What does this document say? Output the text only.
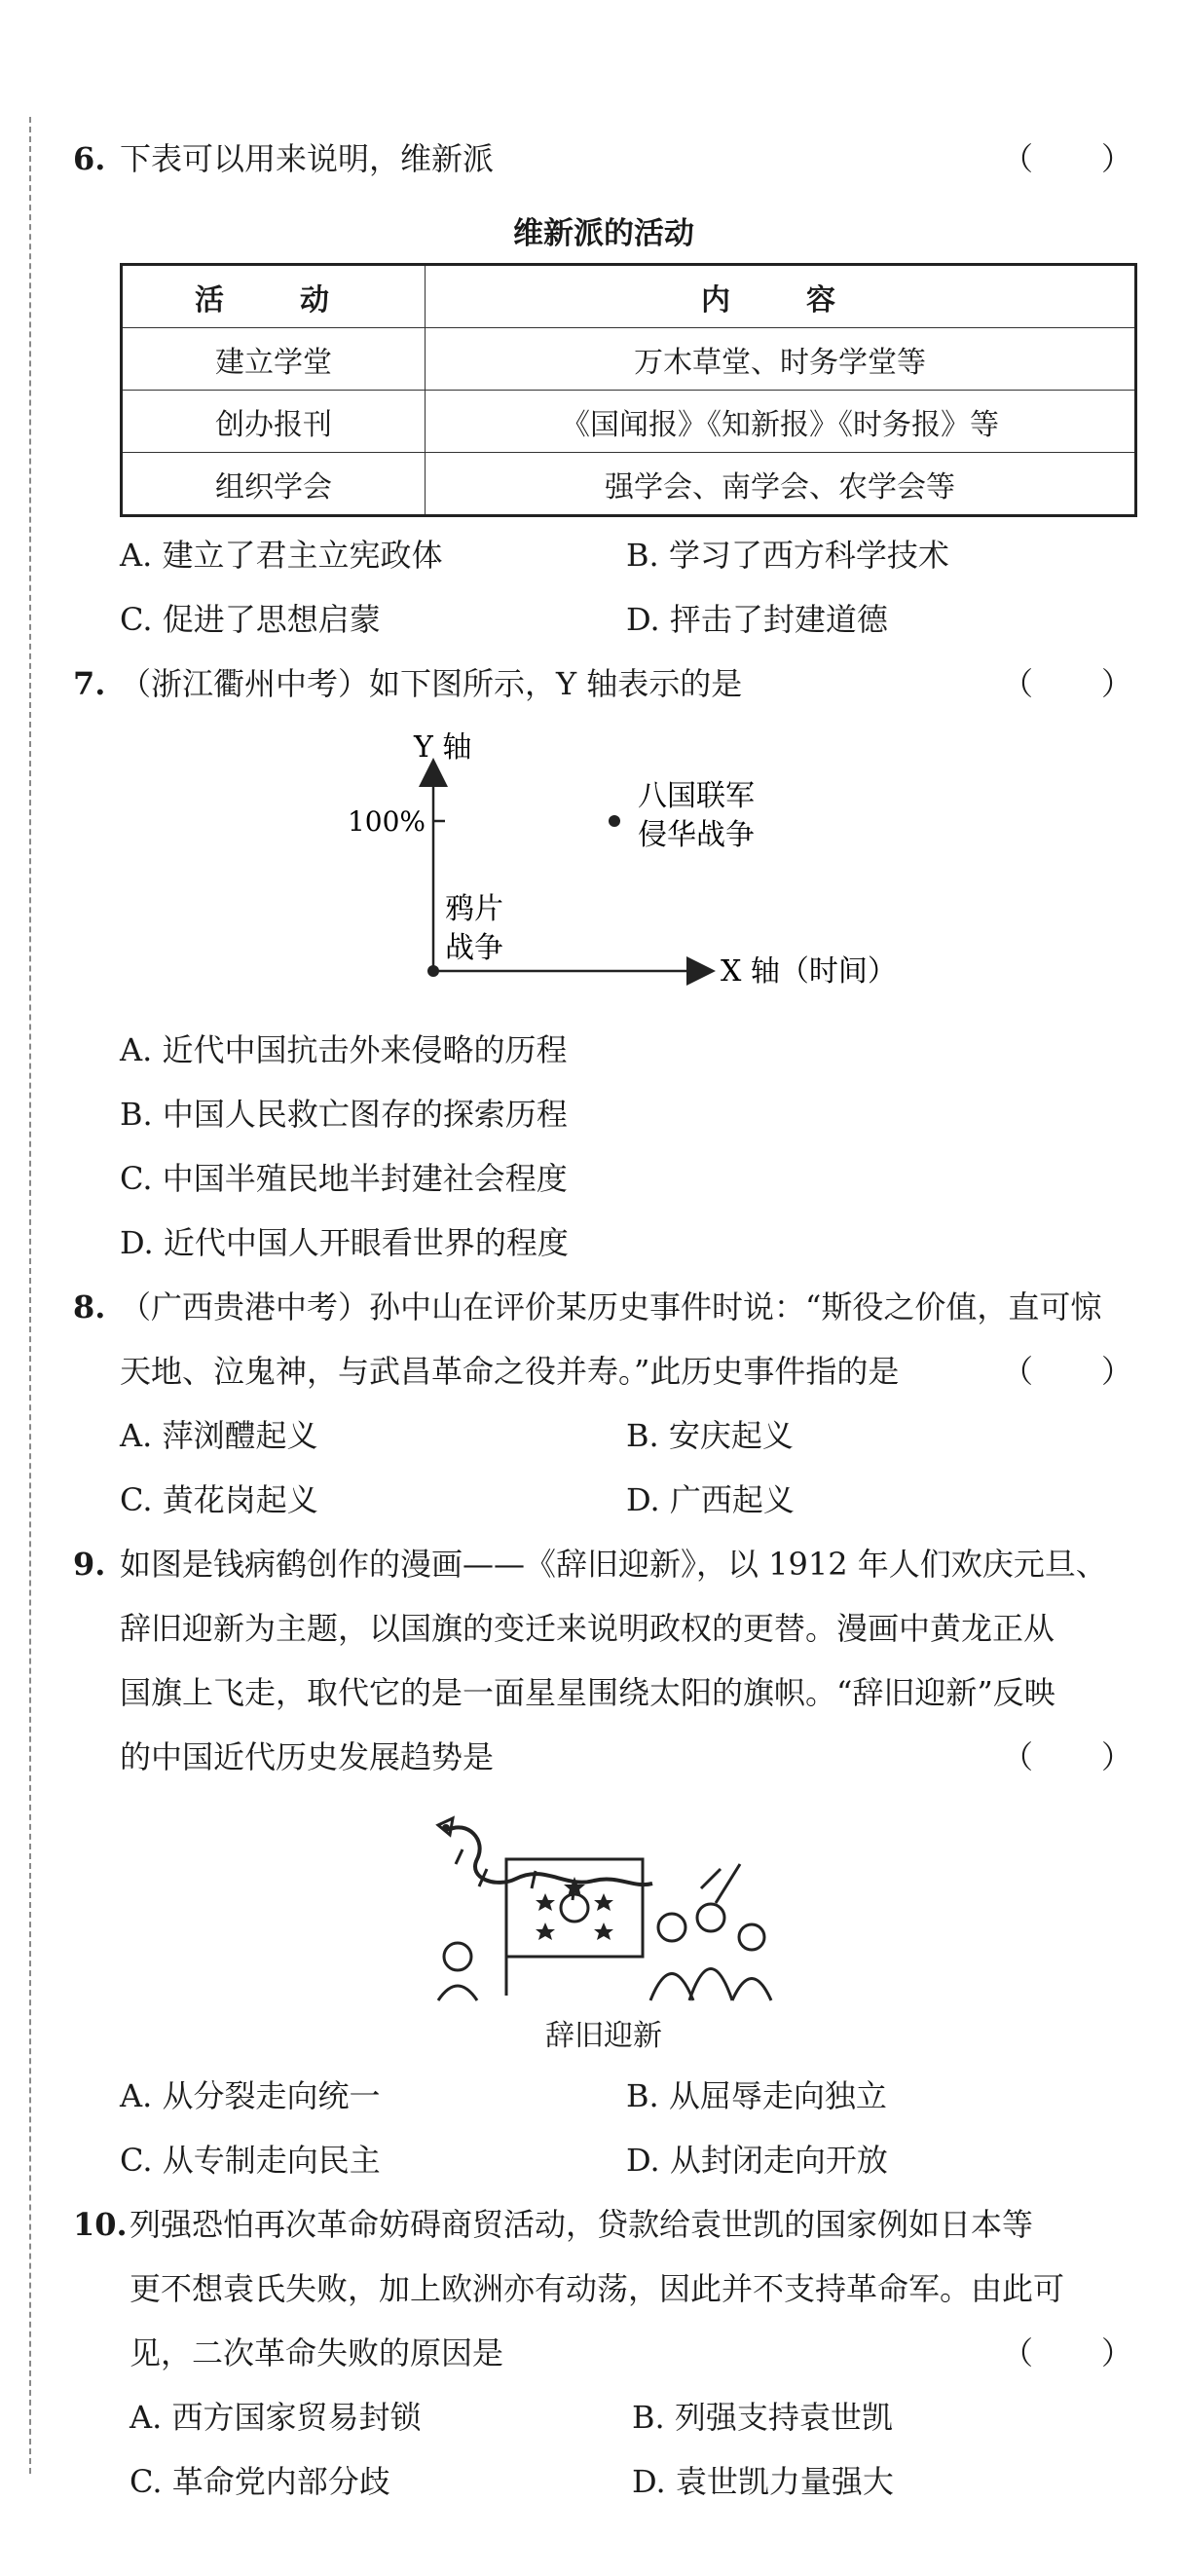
6. 下表可以用来说明，维新派	（　　）
维新派的活动
活　动	内　容
建立学堂	万木草堂、时务学堂等
创办报刊	《国闻报》《知新报》《时务报》等
组织学会	强学会、南学会、农学会等
A. 建立了君主立宪政体	B. 学习了西方科学技术
C. 促进了思想启蒙	D. 抨击了封建道德
7. （浙江衢州中考）如下图所示，Y 轴表示的是	（　　）
Y 轴
X 轴（时间）
100%
八国联军
侵华战争
鸦片
战争
A. 近代中国抗击外来侵略的历程
B. 中国人民救亡图存的探索历程
C. 中国半殖民地半封建社会程度
D. 近代中国人开眼看世界的程度
8. （广西贵港中考）孙中山在评价某历史事件时说：“斯役之价值，直可惊
天地、泣鬼神，与武昌革命之役并寿。”此历史事件指的是	（　　）
A. 萍浏醴起义	B. 安庆起义
C. 黄花岗起义	D. 广西起义
9. 如图是钱病鹤创作的漫画——《辞旧迎新》，以 1912 年人们欢庆元旦、
辞旧迎新为主题，以国旗的变迁来说明政权的更替。漫画中黄龙正从
国旗上飞走，取代它的是一面星星围绕太阳的旗帜。“辞旧迎新”反映
的中国近代历史发展趋势是	（　　）
辞旧迎新
A. 从分裂走向统一	B. 从屈辱走向独立
C. 从专制走向民主	D. 从封闭走向开放
10. 列强恐怕再次革命妨碍商贸活动，贷款给袁世凯的国家例如日本等
更不想袁氏失败，加上欧洲亦有动荡，因此并不支持革命军。由此可
见，二次革命失败的原因是	（　　）
A. 西方国家贸易封锁	B. 列强支持袁世凯
C. 革命党内部分歧	D. 袁世凯力量强大
